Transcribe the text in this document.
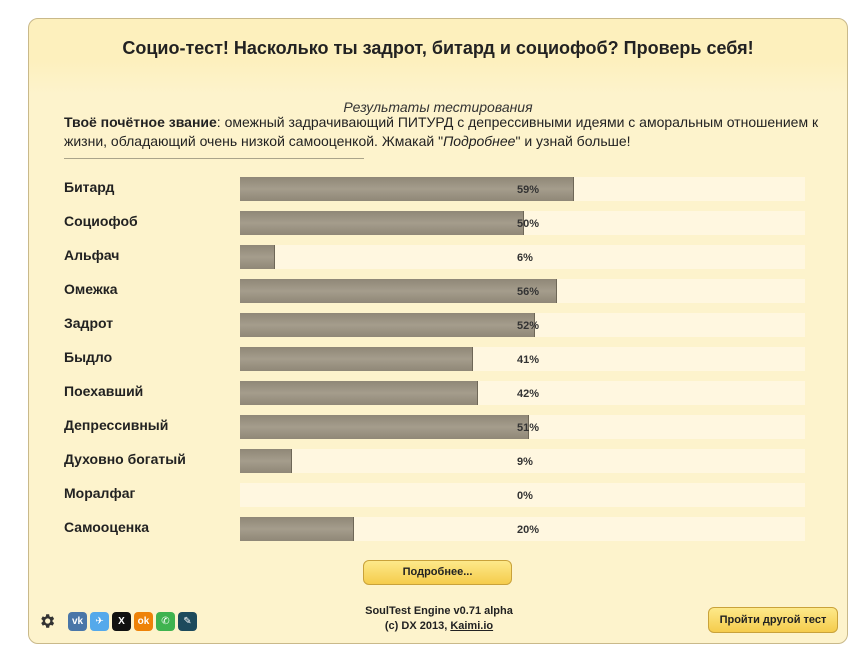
Социо-тест! Насколько ты задрот, битард и социофоб? Проверь себя!
Результаты тестирования
Твоё почётное звание: омежный задрачивающий ПИТУРД с депрессивными идеями с аморальным отношением к жизни, обладающий очень низкой самооценкой. Жмакай "Подробнее" и узнай больше!
Битард	59%
Социофоб	50%
Альфач	6%
Омежка	56%
Задрот	52%
Быдло	41%
Поехавший	42%
Депрессивный	51%
Духовно богатый	9%
Моралфаг	0%
Самооценка	20%
Подробнее...
vk	✈	X	ok	✆	✎
SoulTest Engine v0.71 alpha
(c) DX 2013, Kaimi.io	Пройти другой тест
